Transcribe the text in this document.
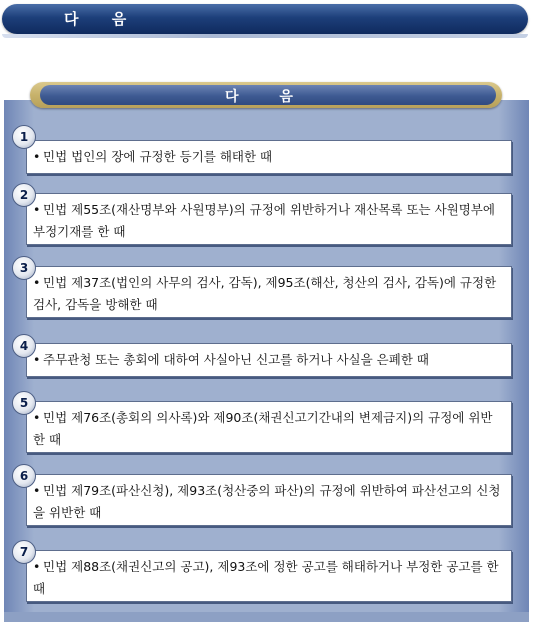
다 음
다 음
• 민법 법인의 장에 규정한 등기를 해태한 때
1
• 민법 제55조(재산명부와 사원명부)의 규정에 위반하거나 재산목록 또는 사원명부에 부정기재를 한 때
2
• 민법 제37조(법인의 사무의 검사, 감독), 제95조(해산, 청산의 검사, 감독)에 규정한 검사, 감독을 방해한 때
3
• 주무관청 또는 총회에 대하여 사실아닌 신고를 하거나 사실을 은폐한 때
4
• 민법 제76조(총회의 의사록)와 제90조(채권신고기간내의 변제금지)의 규정에 위반한 때
5
• 민법 제79조(파산신청), 제93조(청산중의 파산)의 규정에 위반하여 파산선고의 신청을 위반한 때
6
• 민법 제88조(채권신고의 공고), 제93조에 정한 공고를 해태하거나 부정한 공고를 한 때
7
